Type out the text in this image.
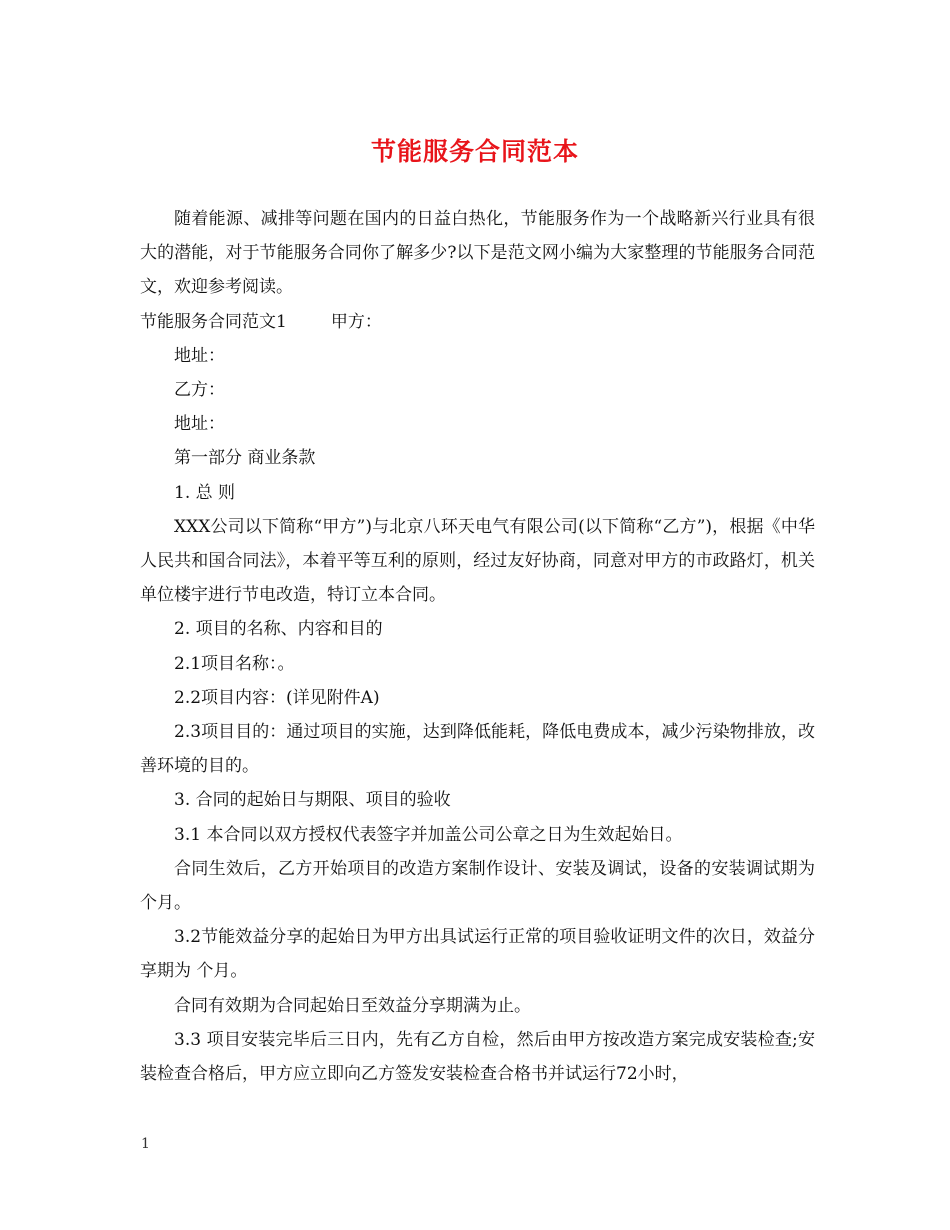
节能服务合同范本

随着能源、减排等问题在国内的日益白热化，节能服务作为一个战略新兴行业具有很大的潜能，对于节能服务合同你了解多少?以下是范文网小编为大家整理的节能服务合同范文，欢迎参考阅读。

节能服务合同范文1	甲方：

地址：

乙方：

地址：

第一部分 商业条款

1. 总 则

XXX公司以下简称“甲方”)与北京八环天电气有限公司(以下简称“乙方”)，根据《中华人民共和国合同法》，本着平等互利的原则，经过友好协商，同意对甲方的市政路灯，机关单位楼宇进行节电改造，特订立本合同。

2. 项目的名称、内容和目的

2.1项目名称：。

2.2项目内容：(详见附件A)

2.3项目目的：通过项目的实施，达到降低能耗，降低电费成本，减少污染物排放，改善环境的目的。

3. 合同的起始日与期限、项目的验收

3.1 本合同以双方授权代表签字并加盖公司公章之日为生效起始日。

合同生效后，乙方开始项目的改造方案制作设计、安装及调试，设备的安装调试期为 个月。

3.2节能效益分享的起始日为甲方出具试运行正常的项目验收证明文件的次日，效益分享期为 个月。

合同有效期为合同起始日至效益分享期满为止。

3.3 项目安装完毕后三日内，先有乙方自检，然后由甲方按改造方案完成安装检查;安装检查合格后，甲方应立即向乙方签发安装检查合格书并试运行72小时，

1
